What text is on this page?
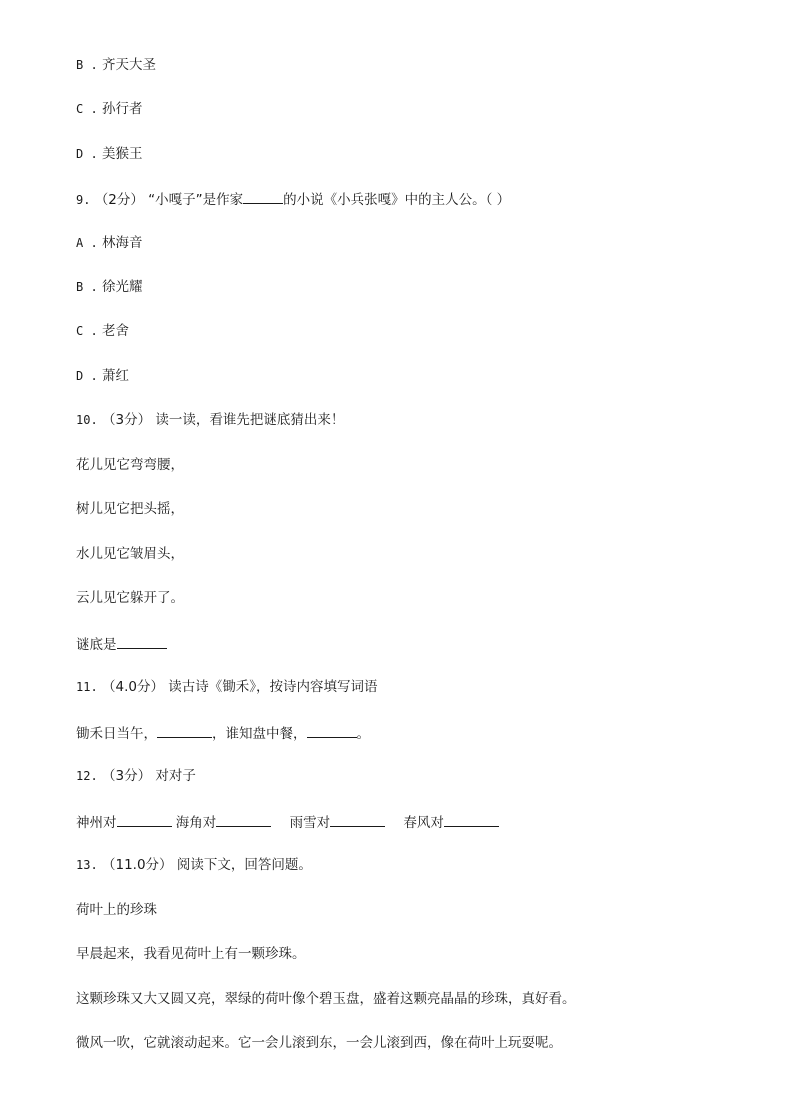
B . 齐天大圣
C . 孙行者
D . 美猴王
9. （2分） “小嘎子”是作家	的小说《小兵张嘎》中的主人公。（ ）
A . 林海音
B . 徐光耀
C . 老舍
D . 萧红
10. （3分） 读一读，看谁先把谜底猜出来！
花儿见它弯弯腰，
树儿见它把头摇，
水儿见它皱眉头，
云儿见它躲开了。
谜底是
11. （4.0分） 读古诗《锄禾》，按诗内容填写词语
锄禾日当午，	，谁知盘中餐，	。
12. （3分） 对对子
神州对	海角对	雨雪对	春风对
13. （11.0分） 阅读下文，回答问题。
荷叶上的珍珠
早晨起来，我看见荷叶上有一颗珍珠。
这颗珍珠又大又圆又亮，翠绿的荷叶像个碧玉盘，盛着这颗亮晶晶的珍珠，真好看。
微风一吹，它就滚动起来。它一会儿滚到东，一会儿滚到西，像在荷叶上玩耍呢。
